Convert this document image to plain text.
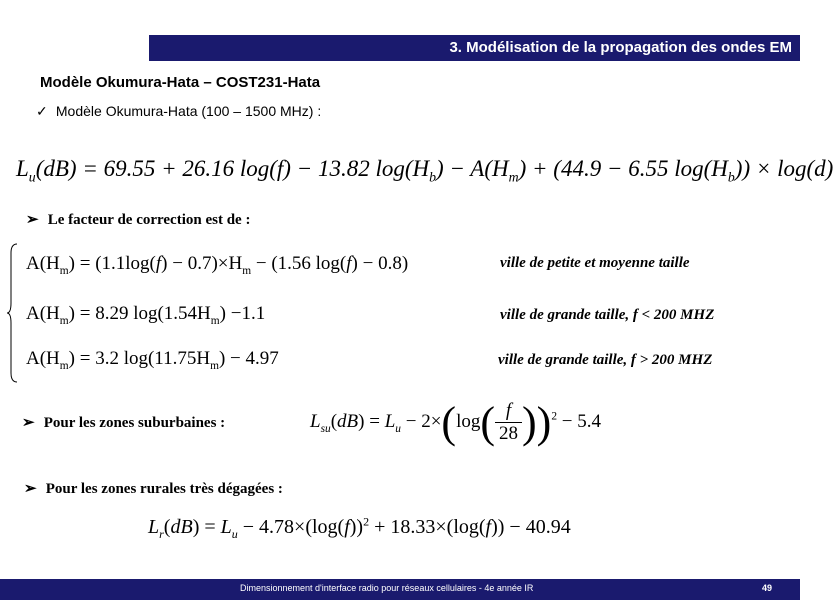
3. Modélisation de la propagation des ondes EM
Modèle Okumura-Hata – COST231-Hata
✓ Modèle Okumura-Hata (100 – 1500 MHz) :
$L_u(dB) = 69.55 + 26.16$ log(f) − 13.82 $\log(H_b) - A(H_m) + (44.9 - 6.55$ $\log(H_b)) \times \log(d)$
➢ Le facteur de correction est de :
$A(H_m) = (1.1\log(f) - 0.7)\times H_m - (1.56$ log(f) − 0.8)	ville de petite et moyenne taille
$A(H_m) = 8.29$ $\log(1.54H_m) -1.1$	ville de grande taille, f < 200 MHZ
$A(H_m) = 3.2$ $\log(11.75H_m) - 4.97$	ville de grande taille, f > 200 MHZ
➢ Pour les zones suburbaines :	$L_{su}(dB) = L_u - 2\times(\log( \frac{f}{28} ))^2 - 5.4$
➢ Pour les zones rurales très dégagées :
$L_r(dB) = L_u - 4.78\times(\log(f))^2 + 18.33\times(\log(f)) - 40.94$
Dimensionnement d'interface radio pour réseaux cellulaires - 4e année IR	49
